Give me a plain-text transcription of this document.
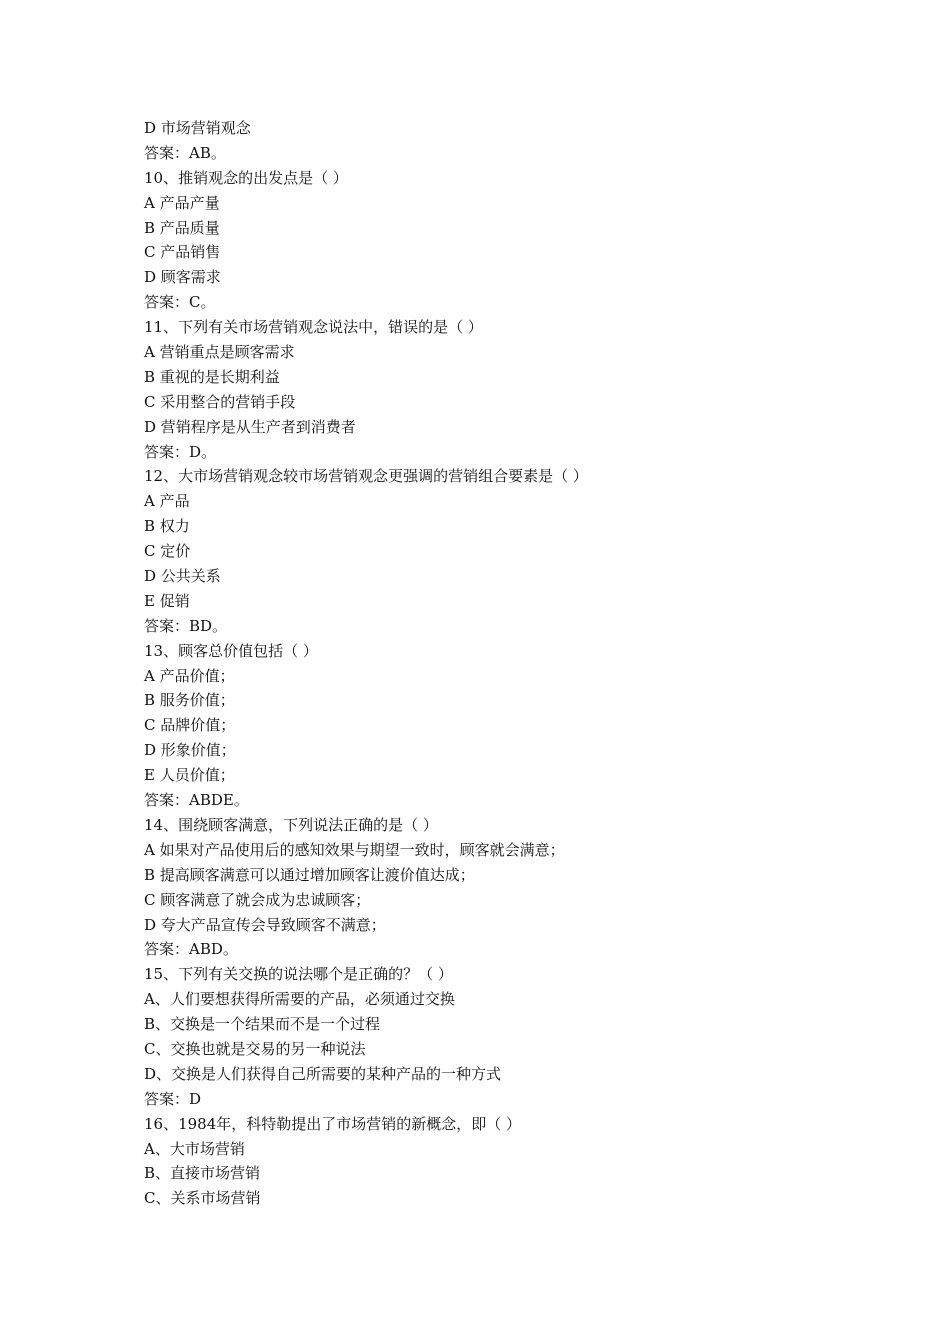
D 市场营销观念
答案：AB。
10、推销观念的出发点是（ ）
A 产品产量
B 产品质量
C 产品销售
D 顾客需求
答案：C。
11、下列有关市场营销观念说法中，错误的是（ ）
A 营销重点是顾客需求
B 重视的是长期利益
C 采用整合的营销手段
D 营销程序是从生产者到消费者
答案：D。
12、大市场营销观念较市场营销观念更强调的营销组合要素是（ ）
A 产品
B 权力
C 定价
D 公共关系
E 促销
答案：BD。
13、顾客总价值包括（ ）
A 产品价值；
B 服务价值；
C 品牌价值；
D 形象价值；
E 人员价值；
答案：ABDE。
14、围绕顾客满意，下列说法正确的是（ ）
A 如果对产品使用后的感知效果与期望一致时，顾客就会满意；
B 提高顾客满意可以通过增加顾客让渡价值达成；
C 顾客满意了就会成为忠诚顾客；
D 夸大产品宣传会导致顾客不满意；
答案：ABD。
15、下列有关交换的说法哪个是正确的？（ ）
A、人们要想获得所需要的产品，必须通过交换
B、交换是一个结果而不是一个过程
C、交换也就是交易的另一种说法
D、交换是人们获得自己所需要的某种产品的一种方式
答案：D
16、1984年，科特勒提出了市场营销的新概念，即（ ）
A、大市场营销
B、直接市场营销
C、关系市场营销
